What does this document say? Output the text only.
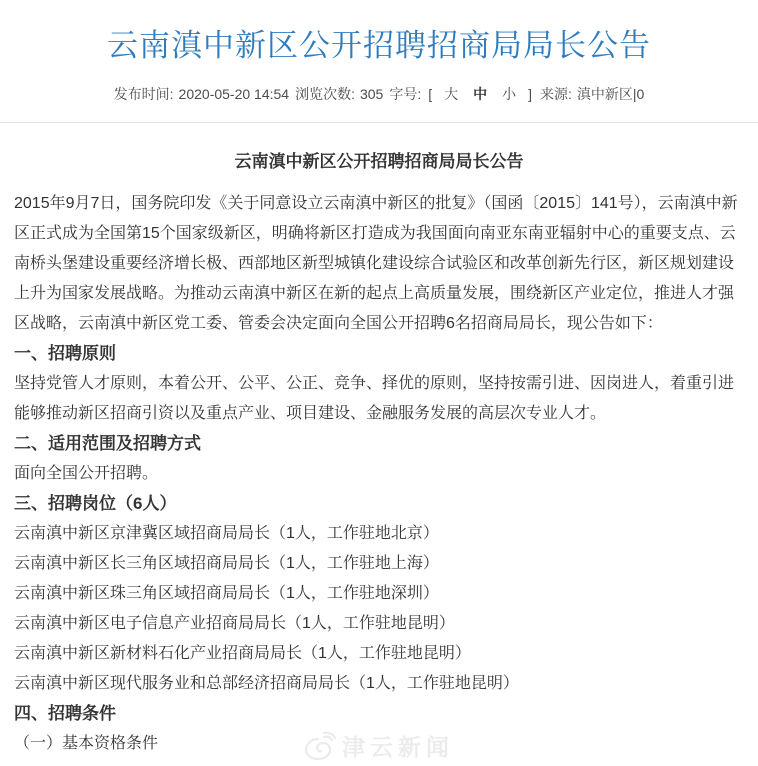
云南滇中新区公开招聘招商局局长公告
发布时间: 2020-05-20 14:54 浏览次数: 305 字号: [ 大	中	小 ] 来源: 滇中新区|0
云南滇中新区公开招聘招商局局长公告

2015年9月7日，国务院印发《关于同意设立云南滇中新区的批复》（国函〔2015〕141号），云南滇中新区正式成为全国第15个国家级新区，明确将新区打造成为我国面向南亚东南亚辐射中心的重要支点、云南桥头堡建设重要经济增长极、西部地区新型城镇化建设综合试验区和改革创新先行区，新区规划建设上升为国家发展战略。为推动云南滇中新区在新的起点上高质量发展，围绕新区产业定位，推进人才强区战略，云南滇中新区党工委、管委会决定面向全国公开招聘6名招商局局长，现公告如下：

一、招聘原则

坚持党管人才原则，本着公开、公平、公正、竞争、择优的原则，坚持按需引进、因岗进人，着重引进能够推动新区招商引资以及重点产业、项目建设、金融服务发展的高层次专业人才。

二、适用范围及招聘方式

面向全国公开招聘。

三、招聘岗位（6人）

云南滇中新区京津冀区域招商局局长（1人，工作驻地北京）

云南滇中新区长三角区域招商局局长（1人，工作驻地上海）

云南滇中新区珠三角区域招商局局长（1人，工作驻地深圳）

云南滇中新区电子信息产业招商局局长（1人，工作驻地昆明）

云南滇中新区新材料石化产业招商局局长（1人，工作驻地昆明）

云南滇中新区现代服务业和总部经济招商局局长（1人，工作驻地昆明）

四、招聘条件

（一）基本资格条件	津云新闻
